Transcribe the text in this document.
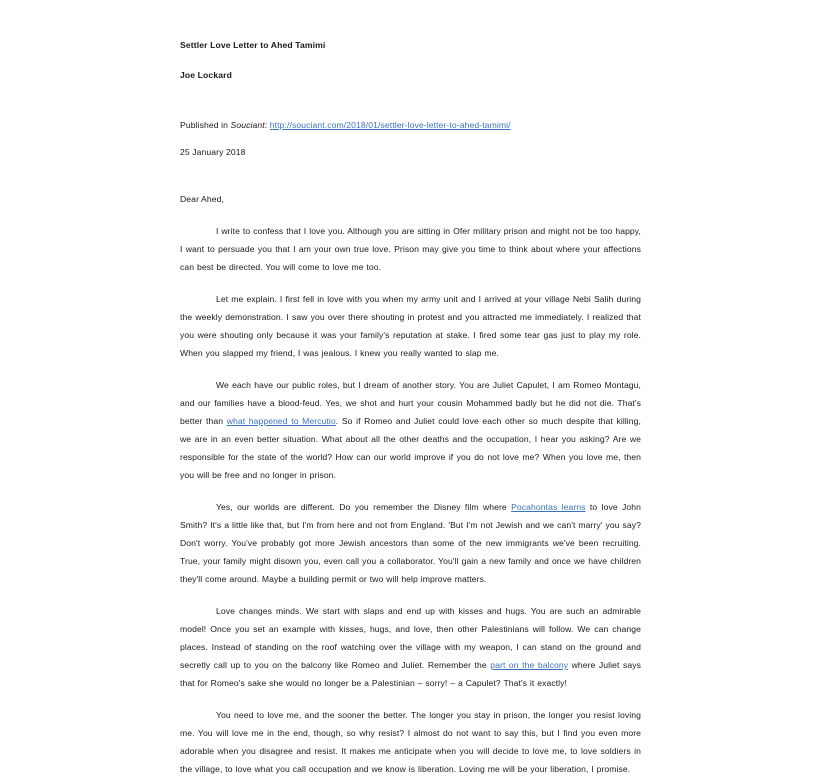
Settler Love Letter to Ahed Tamimi
Joe Lockard
Published in Souciant: http://souciant.com/2018/01/settler-love-letter-to-ahed-tamimi/
25 January 2018
Dear Ahed,

I write to confess that I love you. Although you are sitting in Ofer military prison and might not be too happy, I want to persuade you that I am your own true love. Prison may give you time to think about where your affections can best be directed. You will come to love me too.

Let me explain. I first fell in love with you when my army unit and I arrived at your village Nebi Salih during the weekly demonstration. I saw you over there shouting in protest and you attracted me immediately. I realized that you were shouting only because it was your family's reputation at stake. I fired some tear gas just to play my role. When you slapped my friend, I was jealous. I knew you really wanted to slap me.

We each have our public roles, but I dream of another story. You are Juliet Capulet, I am Romeo Montagu, and our families have a blood-feud. Yes, we shot and hurt your cousin Mohammed badly but he did not die. That's better than what happened to Mercutio. So if Romeo and Juliet could love each other so much despite that killing, we are in an even better situation. What about all the other deaths and the occupation, I hear you asking? Are we responsible for the state of the world? How can our world improve if you do not love me? When you love me, then you will be free and no longer in prison.

Yes, our worlds are different. Do you remember the Disney film where Pocahontas learns to love John Smith? It's a little like that, but I'm from here and not from England. 'But I'm not Jewish and we can't marry' you say? Don't worry. You've probably got more Jewish ancestors than some of the new immigrants we've been recruiting. True, your family might disown you, even call you a collaborator. You'll gain a new family and once we have children they'll come around. Maybe a building permit or two will help improve matters.

Love changes minds. We start with slaps and end up with kisses and hugs. You are such an admirable model! Once you set an example with kisses, hugs, and love, then other Palestinians will follow. We can change places. Instead of standing on the roof watching over the village with my weapon, I can stand on the ground and secretly call up to you on the balcony like Romeo and Juliet. Remember the part on the balcony where Juliet says that for Romeo's sake she would no longer be a Palestinian – sorry! – a Capulet? That's it exactly!

You need to love me, and the sooner the better. The longer you stay in prison, the longer you resist loving me. You will love me in the end, though, so why resist? I almost do not want to say this, but I find you even more adorable when you disagree and resist. It makes me anticipate when you will decide to love me, to love soldiers in the village, to love what you call occupation and we know is liberation. Loving me will be your liberation, I promise.
